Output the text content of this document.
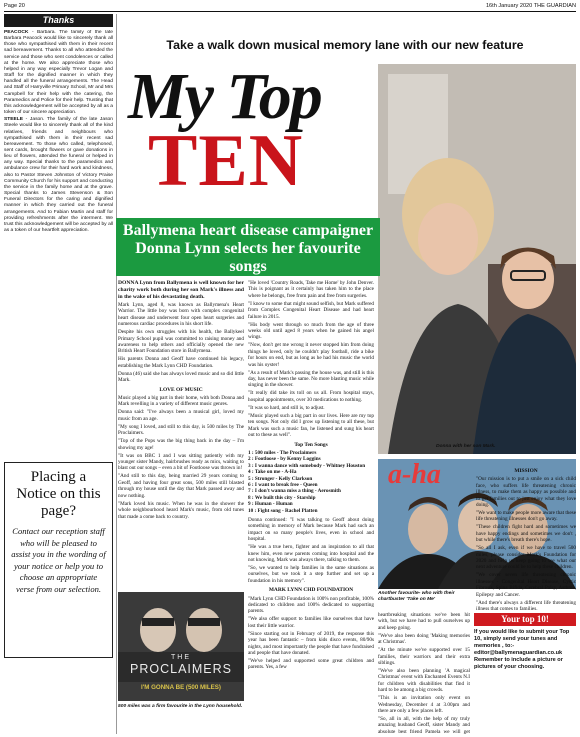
Page 20	16th January 2020 THE GUARDIAN
Thanks

PEACOCK - Barbara. The family of the late Barbara Peacock would like to sincerely thank all those who sympathised with them in their recent sad bereavement. Thanks to all who attended the service and those who sent condolences or called at the home. We also appreciate those who helped in any way especially Trevor Logan and Staff for the dignified manner in which they handled all the funeral arrangements. The Head and Staff of Harryville Primary School, Mr and Mrs Campbell for their help with the catering, the Paramedics and Police for their help. Trusting that this acknowledgement will be accepted by all as a token of our sincere appreciation.

STEELE - Jason. The family of the late Jason Steele would like to sincerely thank all of the kind relatives, friends and neighbours who sympathised with them in their recent sad bereavement. To those who called, telephoned, sent cards, brought flowers or gave donations in lieu of flowers, attended the funeral or helped in any way. Special thanks to the paramedics and ambulance crew for their hard work and kindness, also to Pastor Steven Johnston of Victory Praise Community Church for his support and conducting the service in the family home and at the grave. Special thanks to James Stevenson & Son Funeral Directors for the caring and dignified manner in which they carried out the funeral arrangements. And to Fabian Martin and staff for providing refreshments after the interment. We trust this acknowledgement will be accepted by all as a token of our heartfelt appreciation.

Placing a Notice on this page?
Contact our reception staff who will be pleased to assist you in the wording of your notice or help you to choose an appropriate verse from our selection.
Take a walk down musical memory lane with our new feature
Donna with her son Mark.
My Top
TEN
Ballymena heart disease campaigner Donna Lynn selects her favourite songs

DONNA Lynn from Ballymena is well known for her charity work both during her son Mark's illness and in the wake of his devastating death.

Mark Lynn, aged 8, was known as Ballymena's Heart Warrior. The little boy was born with complex congenital heart disease and underwent four open heart surgeries and numerous cardiac procedures in his short life.

Despite his own struggles with his health, the Ballykeel Primary School pupil was committed to raising money and awareness to help others and officially opened the new British Heart Foundation store in Ballymena.

His parents Donna and Geoff have continued his legacy, establishing the Mark Lynn CHD Foundation.

Donna (46) said she has always loved music and so did little Mark.

LOVE OF MUSIC

Music played a big part in their home, with both Donna and Mark revelling in a variety of different music genres.

Donna said: "I've always been a musical girl, loved my music from an age.

"My song I loved, and still to this day, is 500 miles by The Proclaimers.

"Top of the Pops was the big thing back in the day – I'm showing my age!

"It was on BBC 1 and I was sitting patiently with my younger sister Mandy, hairbrushes ready as mics, waiting to blast out our songs – even a bit of Footloose was thrown in!

"And still to this day, being married 29 years coming to Geoff, and having four great sons, 500 miles still blasted through my house until the day that Mark passed away and now nothing.

"Mark loved his music. When he was in the shower the whole neighbourhood heard Mark's music, from old tunes that made a come back to country.

THE
PROCLAIMERS
I'M GONNA BE (500 MILES)
500 miles was a firm favourite in the Lynn household.

"He loved 'Country Roads, Take me Home' by John Denver. This is poignant as it certainly has taken him to the place where he belongs, free from pain and free from surgeries.

"I know to some that might sound selfish, but Mark suffered from Complex Congenital Heart Disease and had heart failure in 2015.

"His body went through so much from the age of three weeks old until aged 8 years when he gained his angel wings.

"Now, don't get me wrong it never stopped him from doing things he loved, only he couldn't play football, ride a bike for hours on end, but as long as he had his music the world was his oyster!

"As a result of Mark's passing the house was, and still is this day, has never been the same. No more blasting music while singing in the shower.

"It really did take its toll on us all. From hospital stays, hospital appointments, over 30 medications to nothing.

"It was so hard, and still is, to adjust.

"Music played such a big part in our lives. Here are my top ten songs. Not only did I grow up listening to all these, but Mark was such a music fan, he listened and sung his heart out to these as well".

Top Ten Songs
1 : 500 miles - The Proclaimers
2 : Footloose - by Kenny Loggins
3 : I wanna dance with somebody - Whitney Houston
4 : Take on me - A-Ha
5 : Stronger - Kelly Clarkson
6 : I want to break free - Queen
7 : I don't wanna miss a thing - Aerosmith
8 : We built this city - Starship
9 : Human - Human
10 : Fight song - Rachel Platten

Donna continued: "I was talking to Geoff about doing something in memory of Mark because Mark had such an impact on so many people's lives, even in school and hospital.

"He was a true hero, fighter and an inspiration to all that knew him, even new parents coming into hospital and the not knowing, Mark was always there, talking to them.

"So, we wanted to help families in the same situations as ourselves, but we took it a step further and set up a foundation in his memory".

MARK LYNN CHD FOUNDATION

"Mark Lynn CHD Foundation is 100% non profitable, 100% dedicated to children and 100% dedicated to supporting parents.

"We also offer support to families like ourselves that have lost their little warrior.

"Since starting out in February of 2019, the response this year has been fantastic – from kids disco events, 80/90s nights, and most importantly the people that have fundraised and people that have donated.

"We've helped and supported some great children and parents. Yes, a few

a-ha
Another favourite- who with their chartbuster 'Take on Me'

heartbreaking situations we've been hit with, but we have had to pull ourselves up and keep going.

"We've also been doing 'Making memories at Christmas'.

"At the minute we've supported over 15 families, their warriors and their extra siblings.

"We've also been planning 'A magical Christmas' event with Enchanted Events N.I for children with disabilities that find it hard to be among a big crowds.

"This is an invitation only event on Wednesday, December 4 at 3.00pm and there are only a few places left.

"So, all in all, with the help of my truly amazing husband Geoff, sister Mandy and absolute best friend Pamela we will get

MISSION

"Our mission is to put a smile on a sick child face, who suffers life threatening chronic illness, to make them as happy as possible and to get families out to just enjoy what they love doing.

"We want to make people more aware that these life threatening illnesses don't go away.

"These children fight hard and sometimes we have happy endings and sometimes we don't , but while there's breath there's hope.

"So all I ask, even if we have to travel 500 miles, please consider Mark's Foundation for 2020 and help us keep going to see what our next adventure could be to help these children.

"We cover seven life threatening chronic illnesses - Congenital Heart Disease, Cystic Fibrosis, Spina Bifida, Cerebral Palsy, Asthma, Epilepsy and Cancer.

"And there's always a different life threatening illness that comes to families.

Your top 10!
If you would like to submit your Top 10, simply send your tunes and memories , to:- editor@ballymenaguardian.co.uk Remember to include a picture or pictures of your choosing.
